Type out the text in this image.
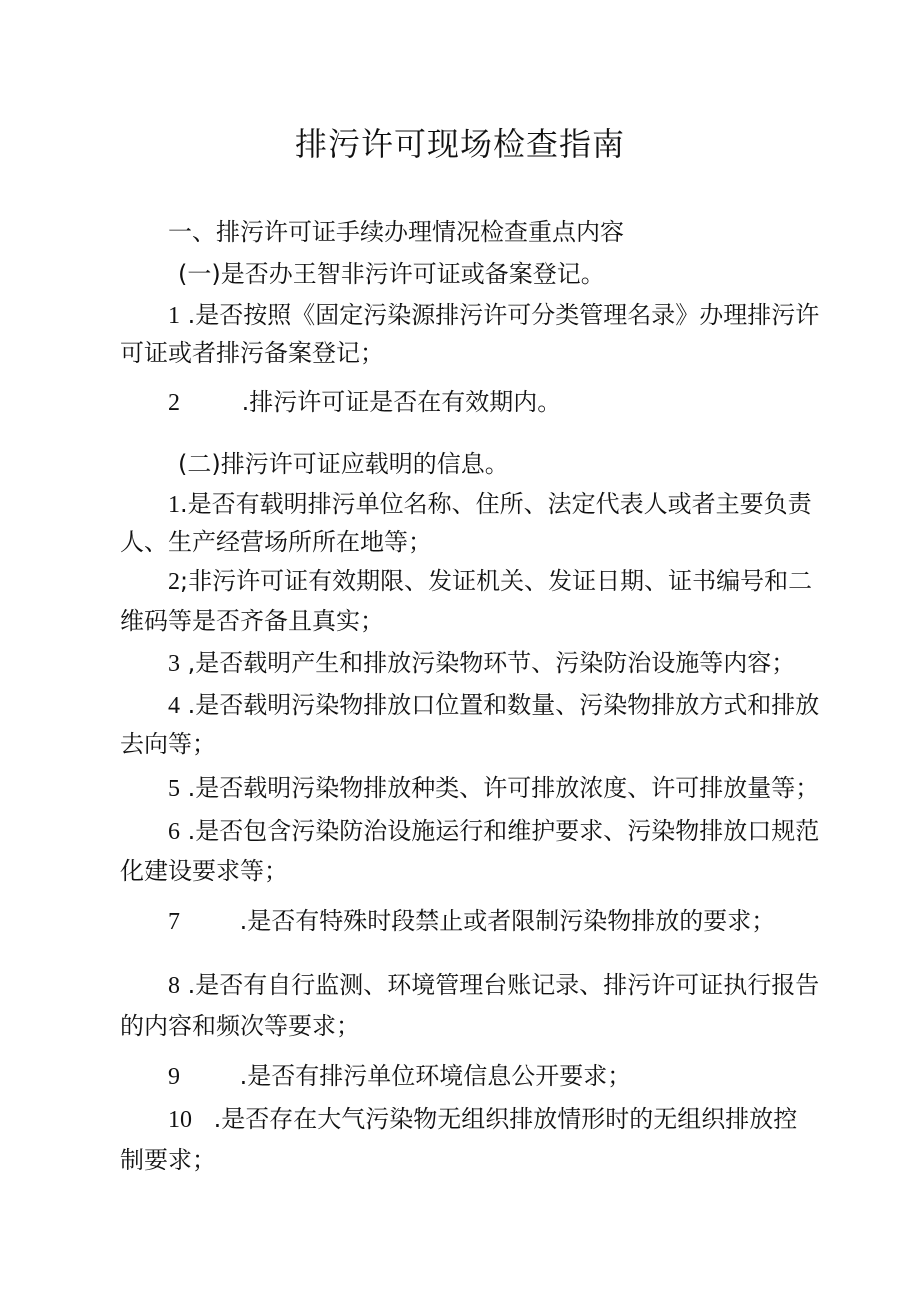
排污许可现场检查指南
一、排污许可证手续办理情况检查重点内容
(一)是否办王智非污许可证或备案登记。
1 .是否按照《固定污染源排污许可分类管理名录》办理排污许
可证或者排污备案登记；
2	.排污许可证是否在有效期内。
(二)排污许可证应载明的信息。
1.是否有载明排污单位名称、住所、法定代表人或者主要负责
人、生产经营场所所在地等；
2;非污许可证有效期限、发证机关、发证日期、证书编号和二
维码等是否齐备且真实；
3 ,是否载明产生和排放污染物环节、污染防治设施等内容；
4 .是否载明污染物排放口位置和数量、污染物排放方式和排放
去向等；
5 .是否载明污染物排放种类、许可排放浓度、许可排放量等；
6 .是否包含污染防治设施运行和维护要求、污染物排放口规范
化建设要求等；
7 .是否有特殊时段禁止或者限制污染物排放的要求；
8 .是否有自行监测、环境管理台账记录、排污许可证执行报告
的内容和频次等要求；
9 .是否有排污单位环境信息公开要求；
10 .是否存在大气污染物无组织排放情形时的无组织排放控
制要求；
